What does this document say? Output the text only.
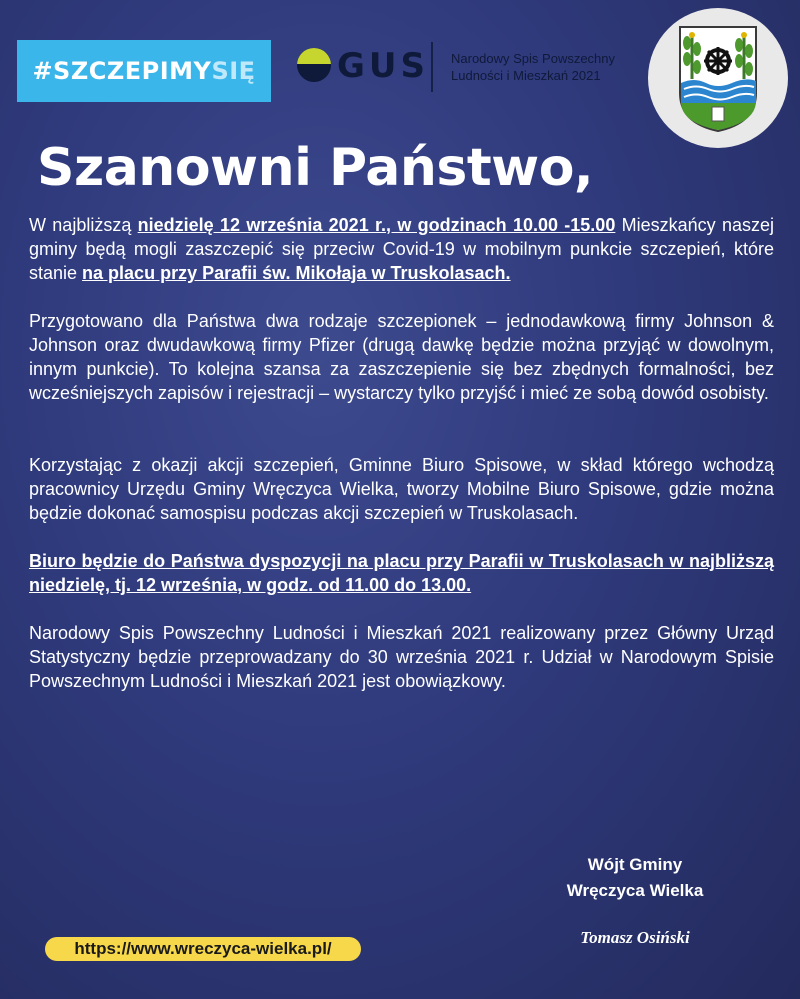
#SZCZEPIMY SIĘ GUS Narodowy Spis Powszechny
Ludności i Mieszkań 2021
Szanowni Państwo,

W najbliższą niedzielę 12 września 2021 r., w godzinach 10.00 -15.00 Mieszkańcy naszej gminy będą mogli zaszczepić się przeciw Covid-19 w mobilnym punkcie szczepień, które stanie na placu przy Parafii św. Mikołaja w Truskolasach.

Przygotowano dla Państwa dwa rodzaje szczepionek – jednodawkową firmy Johnson & Johnson oraz dwudawkową firmy Pfizer (drugą dawkę będzie można przyjąć w dowolnym, innym punkcie). To kolejna szansa za zaszczepienie się bez zbędnych formalności, bez wcześniejszych zapisów i rejestracji – wystarczy tylko przyjść i mieć ze sobą dowód osobisty.

Korzystając z okazji akcji szczepień, Gminne Biuro Spisowe, w skład którego wchodzą pracownicy Urzędu Gminy Wręczyca Wielka, tworzy Mobilne Biuro Spisowe, gdzie można będzie dokonać samospisu podczas akcji szczepień w Truskolasach.

Biuro będzie do Państwa dyspozycji na placu przy Parafii w Truskolasach w najbliższą niedzielę, tj. 12 września, w godz. od 11.00 do 13.00.

Narodowy Spis Powszechny Ludności i Mieszkań 2021 realizowany przez Główny Urząd Statystyczny będzie przeprowadzany do 30 września 2021 r. Udział w Narodowym Spisie Powszechnym Ludności i Mieszkań 2021 jest obowiązkowy.

Wójt Gminy
Wręczyca Wielka
Tomasz Osiński
https://www.wreczyca-wielka.pl/
